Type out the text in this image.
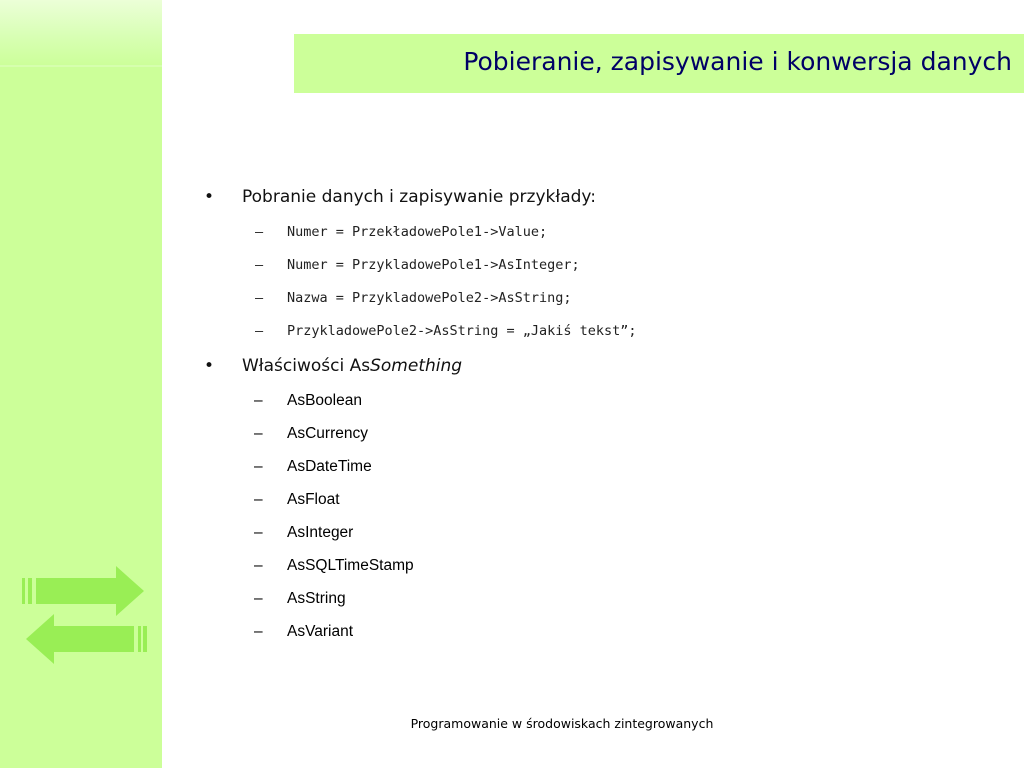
Pobieranie, zapisywanie i konwersja danych
• Pobranie danych i zapisywanie przykłady:
– Numer = PrzekładowePole1->Value;
– Numer = PrzykladowePole1->AsInteger;
– Nazwa = PrzykladowePole2->AsString;
– PrzykladowePole2->AsString = „Jakiś tekst”;
• Właściwości AsSomething
– AsBoolean
– AsCurrency
– AsDateTime
– AsFloat
– AsInteger
– AsSQLTimeStamp
– AsString
– AsVariant
Programowanie w środowiskach zintegrowanych
